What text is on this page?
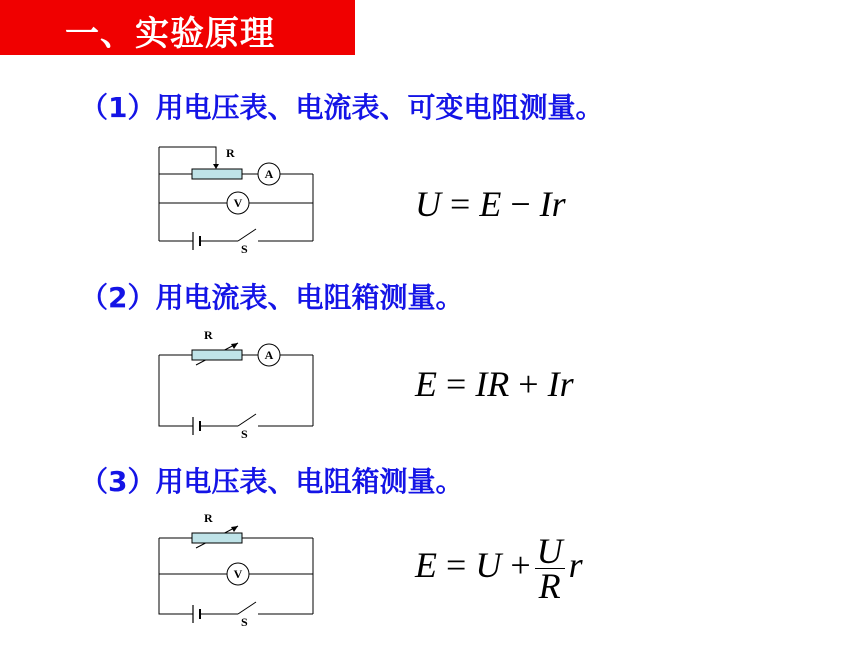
一、实验原理
（1）用电压表、电流表、可变电阻测量。
R
A
V
S
U = E − Ir
（2）用电流表、电阻箱测量。
R
A
S
E = IR + Ir
（3）用电压表、电阻箱测量。
R
V
S
$E = U + \frac{U}{R}$ r
